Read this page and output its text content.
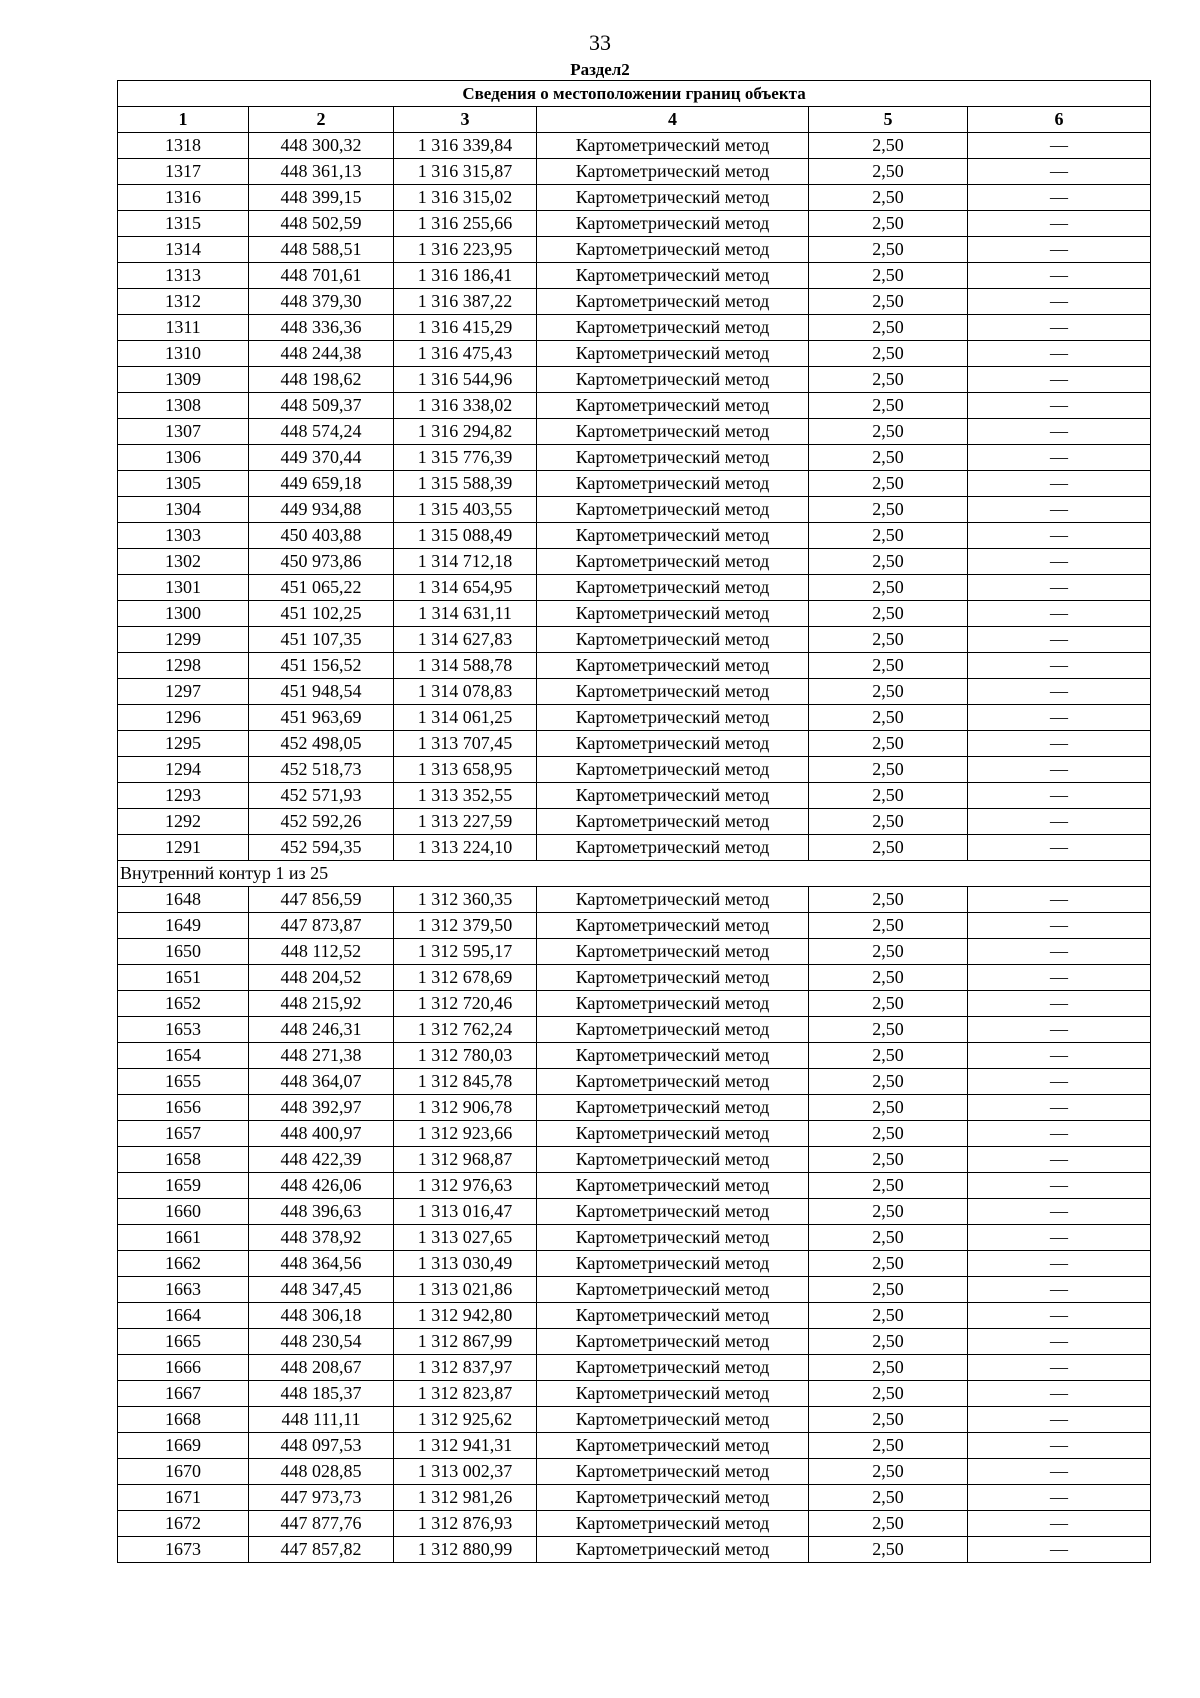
33
Раздел2
Сведения о местоположении границ объекта					
1	2	3	4	5	6
1318	448 300,32	1 316 339,84	Картометрический метод	2,50	—
1317	448 361,13	1 316 315,87	Картометрический метод	2,50	—
1316	448 399,15	1 316 315,02	Картометрический метод	2,50	—
1315	448 502,59	1 316 255,66	Картометрический метод	2,50	—
1314	448 588,51	1 316 223,95	Картометрический метод	2,50	—
1313	448 701,61	1 316 186,41	Картометрический метод	2,50	—
1312	448 379,30	1 316 387,22	Картометрический метод	2,50	—
1311	448 336,36	1 316 415,29	Картометрический метод	2,50	—
1310	448 244,38	1 316 475,43	Картометрический метод	2,50	—
1309	448 198,62	1 316 544,96	Картометрический метод	2,50	—
1308	448 509,37	1 316 338,02	Картометрический метод	2,50	—
1307	448 574,24	1 316 294,82	Картометрический метод	2,50	—
1306	449 370,44	1 315 776,39	Картометрический метод	2,50	—
1305	449 659,18	1 315 588,39	Картометрический метод	2,50	—
1304	449 934,88	1 315 403,55	Картометрический метод	2,50	—
1303	450 403,88	1 315 088,49	Картометрический метод	2,50	—
1302	450 973,86	1 314 712,18	Картометрический метод	2,50	—
1301	451 065,22	1 314 654,95	Картометрический метод	2,50	—
1300	451 102,25	1 314 631,11	Картометрический метод	2,50	—
1299	451 107,35	1 314 627,83	Картометрический метод	2,50	—
1298	451 156,52	1 314 588,78	Картометрический метод	2,50	—
1297	451 948,54	1 314 078,83	Картометрический метод	2,50	—
1296	451 963,69	1 314 061,25	Картометрический метод	2,50	—
1295	452 498,05	1 313 707,45	Картометрический метод	2,50	—
1294	452 518,73	1 313 658,95	Картометрический метод	2,50	—
1293	452 571,93	1 313 352,55	Картометрический метод	2,50	—
1292	452 592,26	1 313 227,59	Картометрический метод	2,50	—
1291	452 594,35	1 313 224,10	Картометрический метод	2,50	—
Внутренний контур 1 из 25					
1648	447 856,59	1 312 360,35	Картометрический метод	2,50	—
1649	447 873,87	1 312 379,50	Картометрический метод	2,50	—
1650	448 112,52	1 312 595,17	Картометрический метод	2,50	—
1651	448 204,52	1 312 678,69	Картометрический метод	2,50	—
1652	448 215,92	1 312 720,46	Картометрический метод	2,50	—
1653	448 246,31	1 312 762,24	Картометрический метод	2,50	—
1654	448 271,38	1 312 780,03	Картометрический метод	2,50	—
1655	448 364,07	1 312 845,78	Картометрический метод	2,50	—
1656	448 392,97	1 312 906,78	Картометрический метод	2,50	—
1657	448 400,97	1 312 923,66	Картометрический метод	2,50	—
1658	448 422,39	1 312 968,87	Картометрический метод	2,50	—
1659	448 426,06	1 312 976,63	Картометрический метод	2,50	—
1660	448 396,63	1 313 016,47	Картометрический метод	2,50	—
1661	448 378,92	1 313 027,65	Картометрический метод	2,50	—
1662	448 364,56	1 313 030,49	Картометрический метод	2,50	—
1663	448 347,45	1 313 021,86	Картометрический метод	2,50	—
1664	448 306,18	1 312 942,80	Картометрический метод	2,50	—
1665	448 230,54	1 312 867,99	Картометрический метод	2,50	—
1666	448 208,67	1 312 837,97	Картометрический метод	2,50	—
1667	448 185,37	1 312 823,87	Картометрический метод	2,50	—
1668	448 111,11	1 312 925,62	Картометрический метод	2,50	—
1669	448 097,53	1 312 941,31	Картометрический метод	2,50	—
1670	448 028,85	1 313 002,37	Картометрический метод	2,50	—
1671	447 973,73	1 312 981,26	Картометрический метод	2,50	—
1672	447 877,76	1 312 876,93	Картометрический метод	2,50	—
1673	447 857,82	1 312 880,99	Картометрический метод	2,50	—
